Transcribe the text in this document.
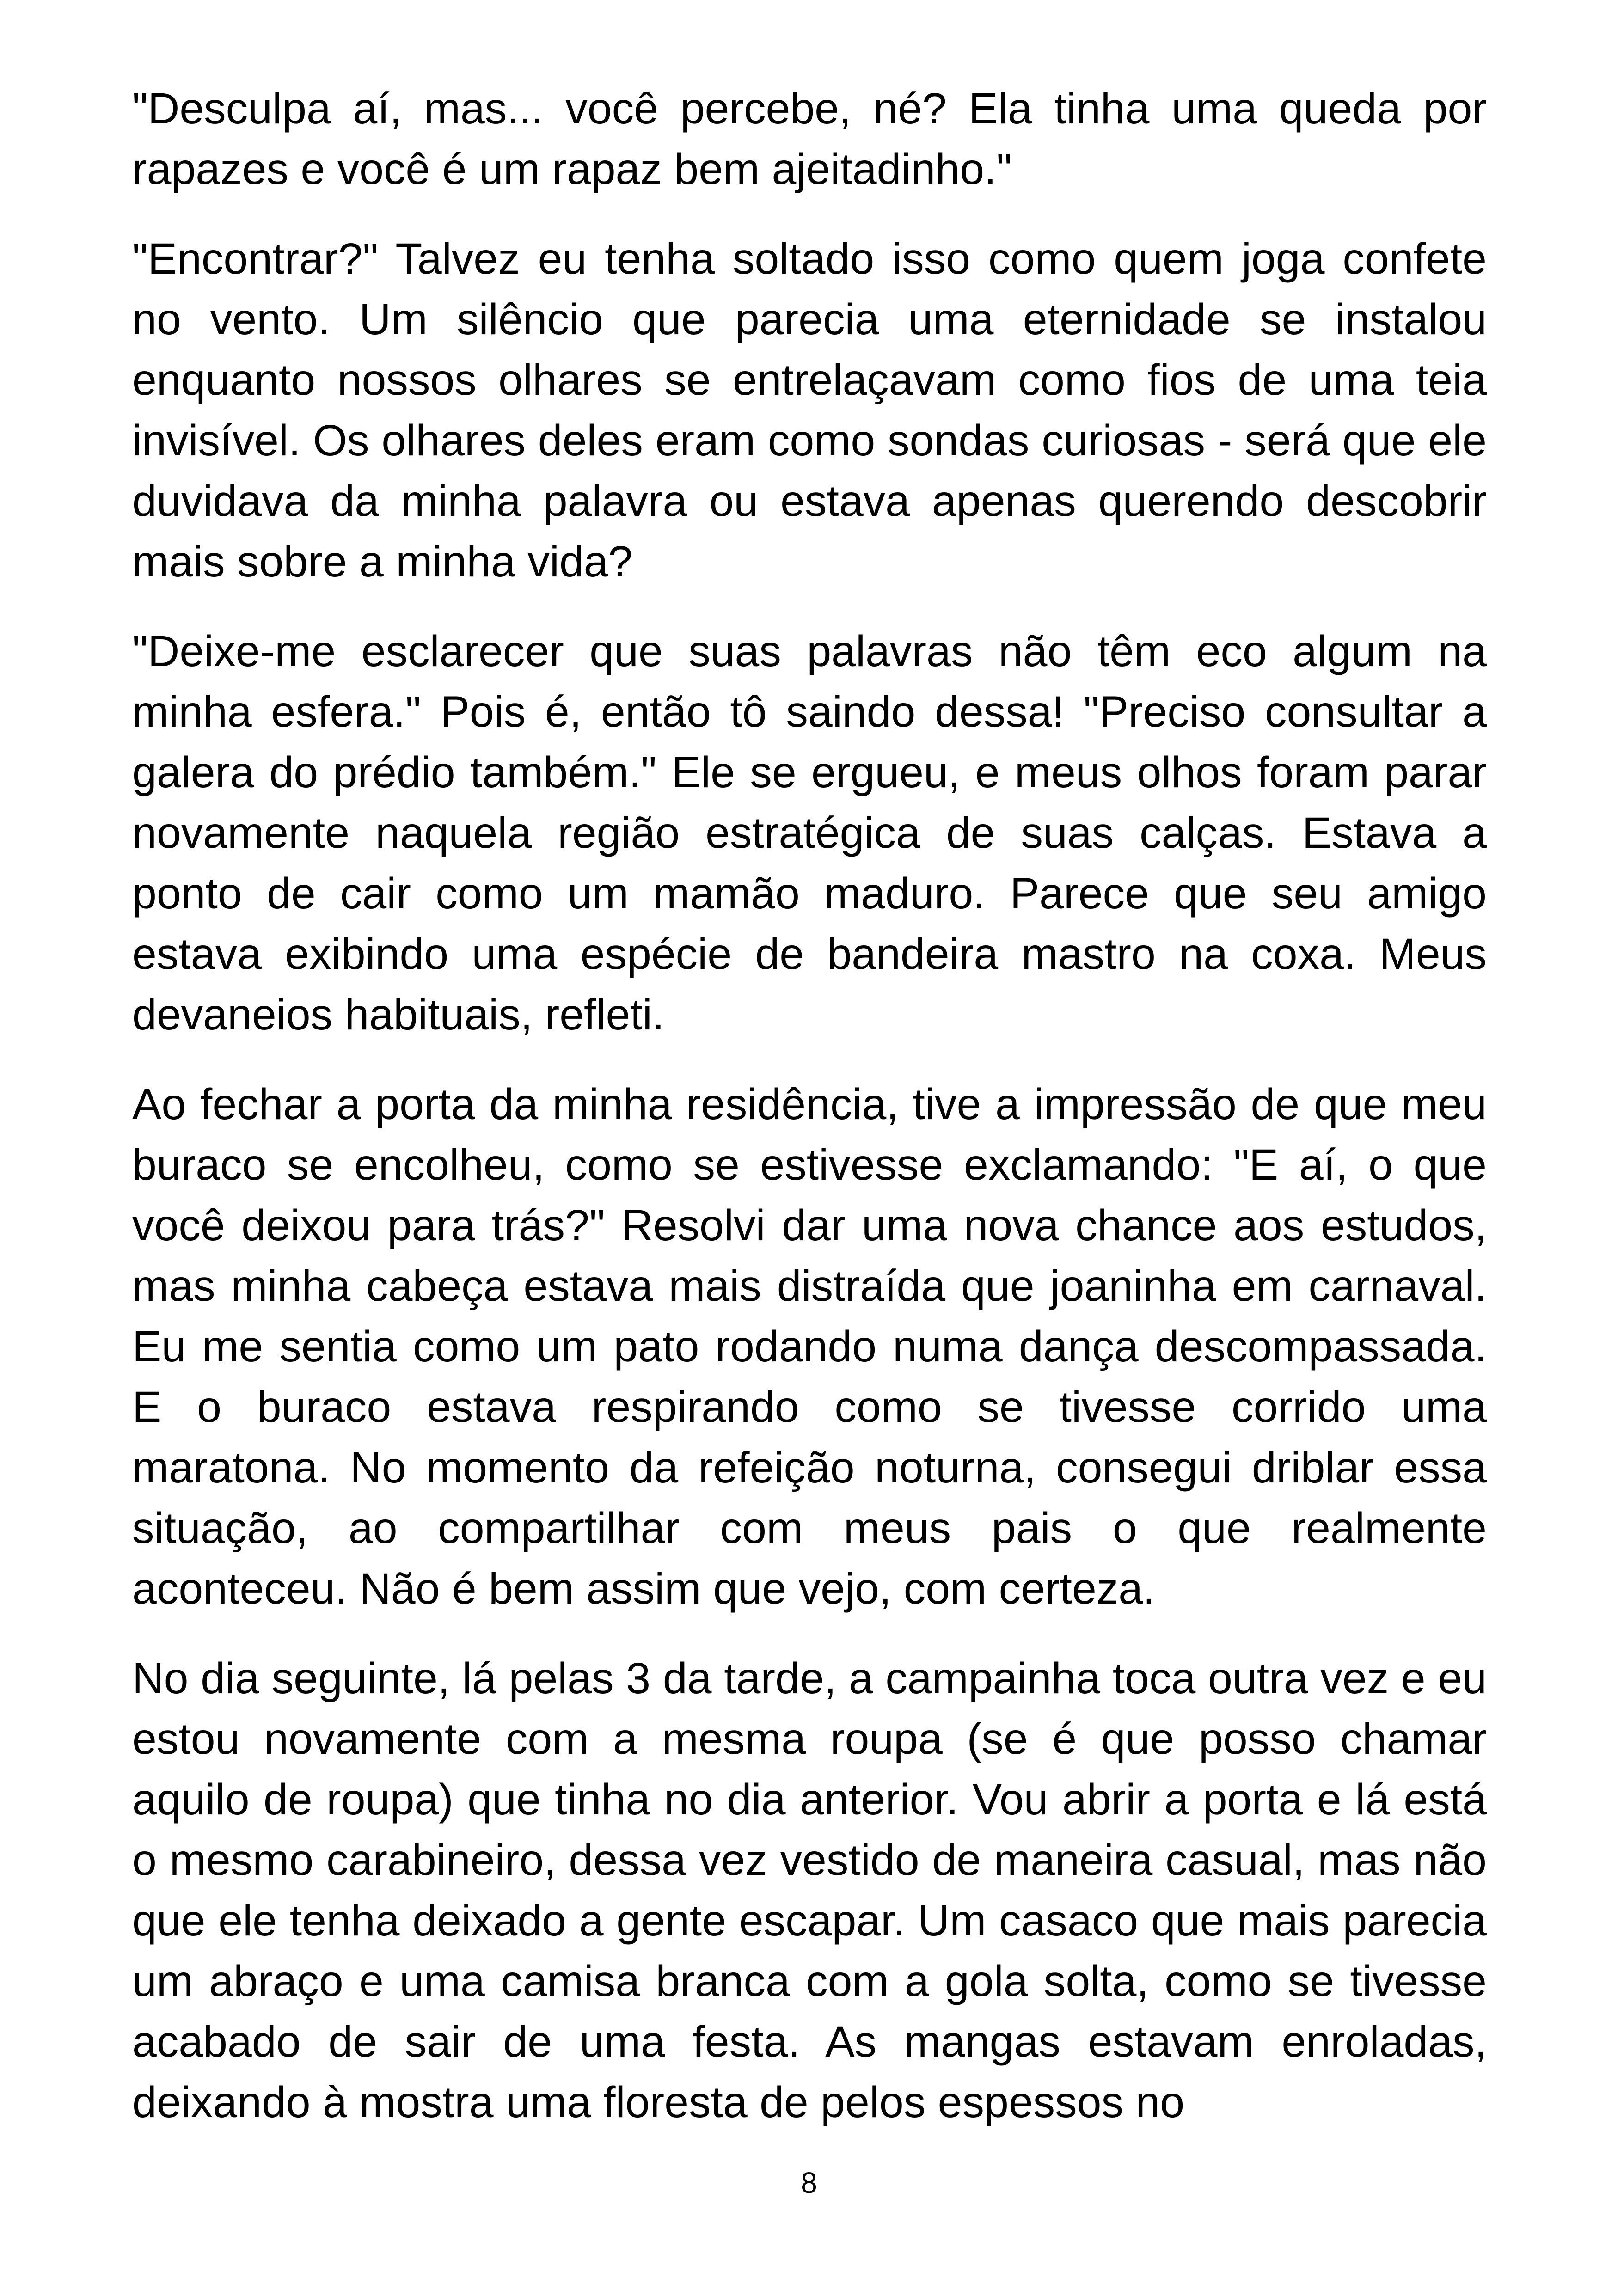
"Desculpa aí, mas... você percebe, né? Ela tinha uma queda por rapazes e você é um rapaz bem ajeitadinho."

"Encontrar?" Talvez eu tenha soltado isso como quem joga confete no vento. Um silêncio que parecia uma eternidade se instalou enquanto nossos olhares se entrelaçavam como fios de uma teia invisível. Os olhares deles eram como sondas curiosas - será que ele duvidava da minha palavra ou estava apenas querendo descobrir mais sobre a minha vida?

"Deixe-me esclarecer que suas palavras não têm eco algum na minha esfera." Pois é, então tô saindo dessa! "Preciso consultar a galera do prédio também." Ele se ergueu, e meus olhos foram parar novamente naquela região estratégica de suas calças. Estava a ponto de cair como um mamão maduro. Parece que seu amigo estava exibindo uma espécie de bandeira mastro na coxa. Meus devaneios habituais, refleti.

Ao fechar a porta da minha residência, tive a impressão de que meu buraco se encolheu, como se estivesse exclamando: "E aí, o que você deixou para trás?" Resolvi dar uma nova chance aos estudos, mas minha cabeça estava mais distraída que joaninha em carnaval. Eu me sentia como um pato rodando numa dança descompassada. E o buraco estava respirando como se tivesse corrido uma maratona. No momento da refeição noturna, consegui driblar essa situação, ao compartilhar com meus pais o que realmente aconteceu. Não é bem assim que vejo, com certeza.

No dia seguinte, lá pelas 3 da tarde, a campainha toca outra vez e eu estou novamente com a mesma roupa (se é que posso chamar aquilo de roupa) que tinha no dia anterior. Vou abrir a porta e lá está o mesmo carabineiro, dessa vez vestido de maneira casual, mas não que ele tenha deixado a gente escapar. Um casaco que mais parecia um abraço e uma camisa branca com a gola solta, como se tivesse acabado de sair de uma festa. As mangas estavam enroladas, deixando à mostra uma floresta de pelos espessos no

8
